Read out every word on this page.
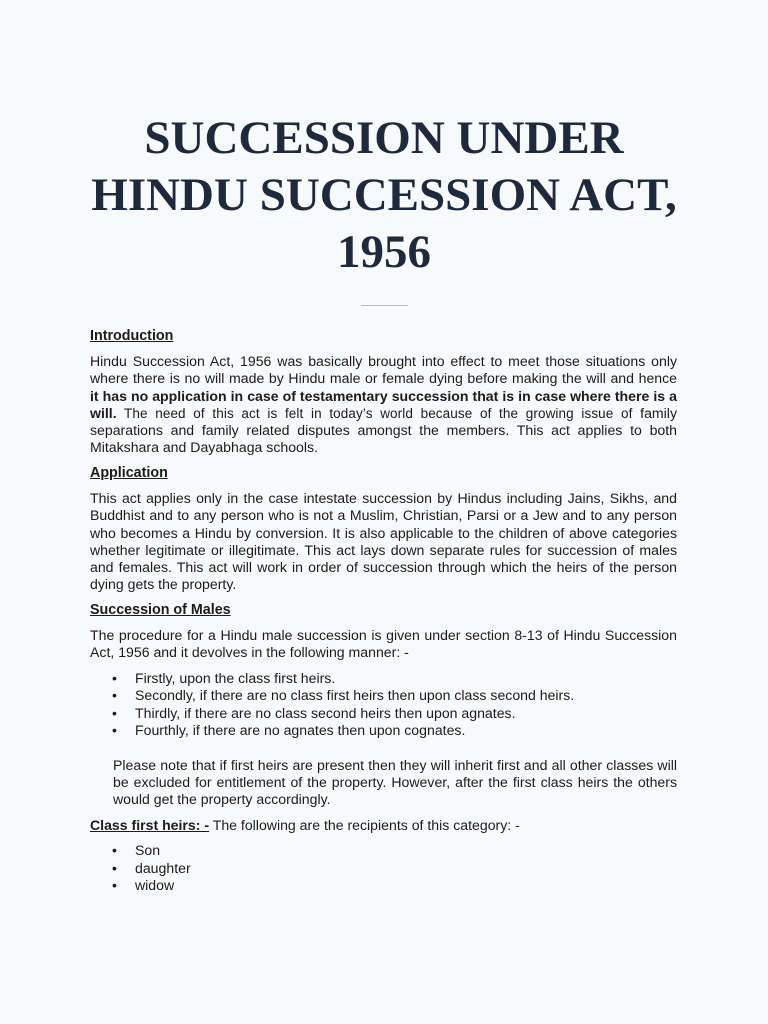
SUCCESSION UNDER
HINDU SUCCESSION ACT,
1956
Introduction

Hindu Succession Act, 1956 was basically brought into effect to meet those situations only where there is no will made by Hindu male or female dying before making the will and hence it has no application in case of testamentary succession that is in case where there is a will. The need of this act is felt in today’s world because of the growing issue of family separations and family related disputes amongst the members. This act applies to both Mitakshara and Dayabhaga schools.

Application

This act applies only in the case intestate succession by Hindus including Jains, Sikhs, and Buddhist and to any person who is not a Muslim, Christian, Parsi or a Jew and to any person who becomes a Hindu by conversion. It is also applicable to the children of above categories whether legitimate or illegitimate. This act lays down separate rules for succession of males and females. This act will work in order of succession through which the heirs of the person dying gets the property.

Succession of Males

The procedure for a Hindu male succession is given under section 8-13 of Hindu Succession Act, 1956 and it devolves in the following manner: -

• Firstly, upon the class first heirs.
• Secondly, if there are no class first heirs then upon class second heirs.
• Thirdly, if there are no class second heirs then upon agnates.
• Fourthly, if there are no agnates then upon cognates.

Please note that if first heirs are present then they will inherit first and all other classes will be excluded for entitlement of the property. However, after the first class heirs the others would get the property accordingly.

Class first heirs: - The following are the recipients of this category: -

• Son
• daughter
• widow
